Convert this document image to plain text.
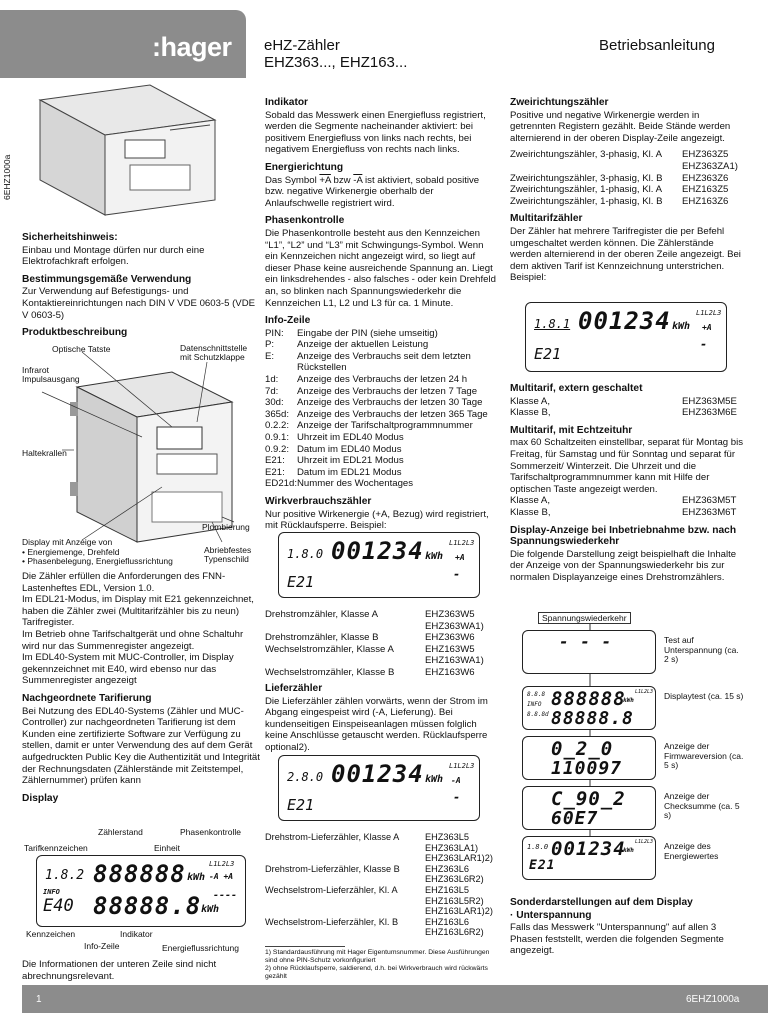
:hager eHZ-Zähler
EHZ363..., EHZ163...
Betriebsanleitung
6EHZ1000a
Sicherheitshinweis:

Einbau und Montage dürfen nur durch eine Elektrofachkraft erfolgen.

Bestimmungsgemäße Verwendung

Zur Verwendung auf Befestigungs- und Kontaktiereinrichtungen nach DIN V VDE 0603-5 (VDE V 0603-5)

Produktbeschreibung
Optische Tatste	Datenschnittstelle mit Schutzklappe
Infrarot Impulsausgang
Haltekrallen
Plombierung
Display mit Anzeige von
• Energiemenge, Drehfeld
• Phasenbelegung, Energieflussrichtung
Abriebfestes Typenschild

Die Zähler erfüllen die Anforderungen des FNN-Lastenheftes EDL, Version 1.0.

Im EDL21-Modus, im Display mit E21 gekennzeichnet, haben die Zähler zwei (Multitarifzähler bis zu neun) Tarifregister.

Im Betrieb ohne Tarifschaltgerät und ohne Schaltuhr wird nur das Summenregister angezeigt.

Im EDL40-System mit MUC-Controller, im Display gekennzeichnet mit E40, wird ebenso nur das Summenregister angezeigt

Nachgeordnete Tarifierung

Bei Nutzung des EDL40-Systems (Zähler und MUC-Controller) zur nachgeordneten Tarifierung ist dem Kunden eine zertifizierte Software zur Verfügung zu stellen, damit er unter Verwendung des auf dem Gerät aufgedruckten Public Key die Authentizität und Integrität der Rechnungsdaten (Zählerstände mit Zeitstempel, Zählernummer) prüfen kann

Display
Zählerstand	Phasenkontrolle
Tarifkennzeichen	Einheit
Kennzeichen	Indikator
Info-Zeile	Energieflussrichtung
1.8.2 888888 kWh
L1L2L3
-A +A
INFO
E40 88888.8 kWh
----
Die Informationen der unteren Zeile sind nicht abrechnungsrelevant.
Indikator

Sobald das Messwerk einen Energiefluss registriert, werden die Segmente nacheinander aktiviert: bei positivem Energiefluss von links nach rechts, bei negativem Energiefluss von rechts nach links.

Energierichtung

Das Symbol +A bzw -A ist aktiviert, sobald positive bzw. negative Wirkenergie oberhalb der Anlaufschwelle registriert wird.

Phasenkontrolle

Die Phasenkontrolle besteht aus den Kennzeichen “L1”, “L2” und “L3” mit Schwingungs-Symbol. Wenn ein Kennzeichen nicht angezeigt wird, so liegt auf dieser Phase keine ausreichende Spannung an. Liegt ein linksdrehendes - also falsches - oder kein Drehfeld an, so blinken nach Spannungswiederkehr die Kennzeichen L1, L2 und L3 für ca. 1 Minute.

Info-Zeile
PIN:	Eingabe der PIN (siehe umseitig)
P:	Anzeige der aktuellen Leistung
E:	Anzeige des Verbrauchs seit dem letzten Rückstellen
1d:	Anzeige des Verbrauchs der letzen 24 h
7d:	Anzeige des Verbrauchs der letzen 7 Tage
30d:	Anzeige des Verbrauchs der letzen 30 Tage
365d: Anzeige des Verbrauchs der letzen 365 Tage
0.2.2: Anzeige der Tarifschaltprogrammnummer
0.9.1: Uhrzeit im EDL40 Modus
0.9.2: Datum im EDL40 Modus
E21:	Uhrzeit im EDL21 Modus
E21:	Datum im EDL21 Modus
ED21d: Nummer des Wochentages
Wirkverbrauchszähler

Nur positive Wirkenergie (+A, Bezug) wird registriert, mit Rücklaufsperre. Beispiel:

1.8.0 001234 kWh
L1L2L3
+A
E21	-
Drehstromzähler, Klasse A	EHZ363W5
EHZ363WA1)
Drehstromzähler, Klasse B	EHZ363W6
Wechselstromzähler, Klasse A	EHZ163W5
EHZ163WA1)
Wechselstromzähler, Klasse B	EHZ163W6
Lieferzähler

Die Lieferzähler zählen vorwärts, wenn der Strom im Abgang eingespeist wird (-A, Lieferung). Bei kundenseitigen Einspeiseanlagen müssen folglich keine Anschlüsse getauscht werden. Rücklaufsperre optional2).

2.8.0 001234 kWh
L1L2L3
-A
E21	-
Drehstrom-Lieferzähler, Klasse A	EHZ363L5
EHZ363LA1)
EHZ363LAR1)2)
Drehstrom-Lieferzähler, Klasse B	EHZ363L6
EHZ363L6R2)
Wechselstrom-Lieferzähler, Kl. A	EHZ163L5
EHZ163L5R2)
EHZ163LAR1)2)
Wechselstrom-Lieferzähler, Kl. B	EHZ163L6
EHZ163L6R2)
1) Standardausführung mit Hager Eigentumsnummer. Diese Ausführungen sind ohne PIN-Schutz vorkonfiguriert
2) ohne Rücklaufsperre, saldierend, d.h. bei Wirkverbrauch wird rückwärts gezählt
Zweirichtungszähler

Positive und negative Wirkenergie werden in getrennten Registern gezählt. Beide Stände werden alternierend in der oberen Display-Zeile angezeigt.

Zweirichtungszähler, 3-phasig, Kl. A	EHZ363Z5
EHZ363ZA1)
Zweirichtungszähler, 3-phasig, Kl. B	EHZ363Z6
Zweirichtungszähler, 1-phasig, Kl. A	EHZ163Z5
Zweirichtungszähler, 1-phasig, Kl. B	EHZ163Z6
Multitarifzähler

Der Zähler hat mehrere Tarifregister die per Befehl umgeschaltet werden können. Die Zählerstände werden alternierend in der oberen Zeile angezeigt. Bei dem aktiven Tarif ist Kennzeichnung unterstrichen. Beispiel:

1.8.1 001234 kWh
L1L2L3
+A
E21
-
Multitarif, extern geschaltet
Klasse A,	EHZ363M5E
Klasse B,	EHZ363M6E
Multitarif, mit Echtzeituhr

max 60 Schaltzeiten einstellbar, separat für Montag bis Freitag, für Samstag und für Sonntag und separat für Sommerzeit/ Winterzeit. Die Uhrzeit und die Tarifschaltprogrammnummer kann mit Hilfe der optischen Taste angezeigt werden.

Klasse A,	EHZ363M5T
Klasse B,	EHZ363M6T
Display-Anzeige bei Inbetriebnahme bzw. nach Spannungswiederkehr

Die folgende Darstellung zeigt beispielhaft die Inhalte der Anzeige von der Spannungswiederkehr bis zur normalen Displayanzeige eines Drehstromzählers.

Spannungswiederkehr
- - -	Test auf Unterspannung (ca. 2 s)
888888
88888.8
8.8.8
INFO
8.8.8d
kWh
L1L2L3 Displaytest (ca. 15 s)
0_2_0
110097
Anzeige der Firmwareversion (ca. 5 s)
C_90_2
60E7
Anzeige der Checksumme (ca. 5 s)
001234
E21
kWh
L1L2L3
1.8.0	Anzeige des Energiewertes
Sonderdarstellungen auf dem Display
· Unterspannung

Falls das Messwerk "Unterspannung" auf allen 3 Phasen feststellt, werden die folgenden Segmente angezeigt.

1	6EHZ1000a
